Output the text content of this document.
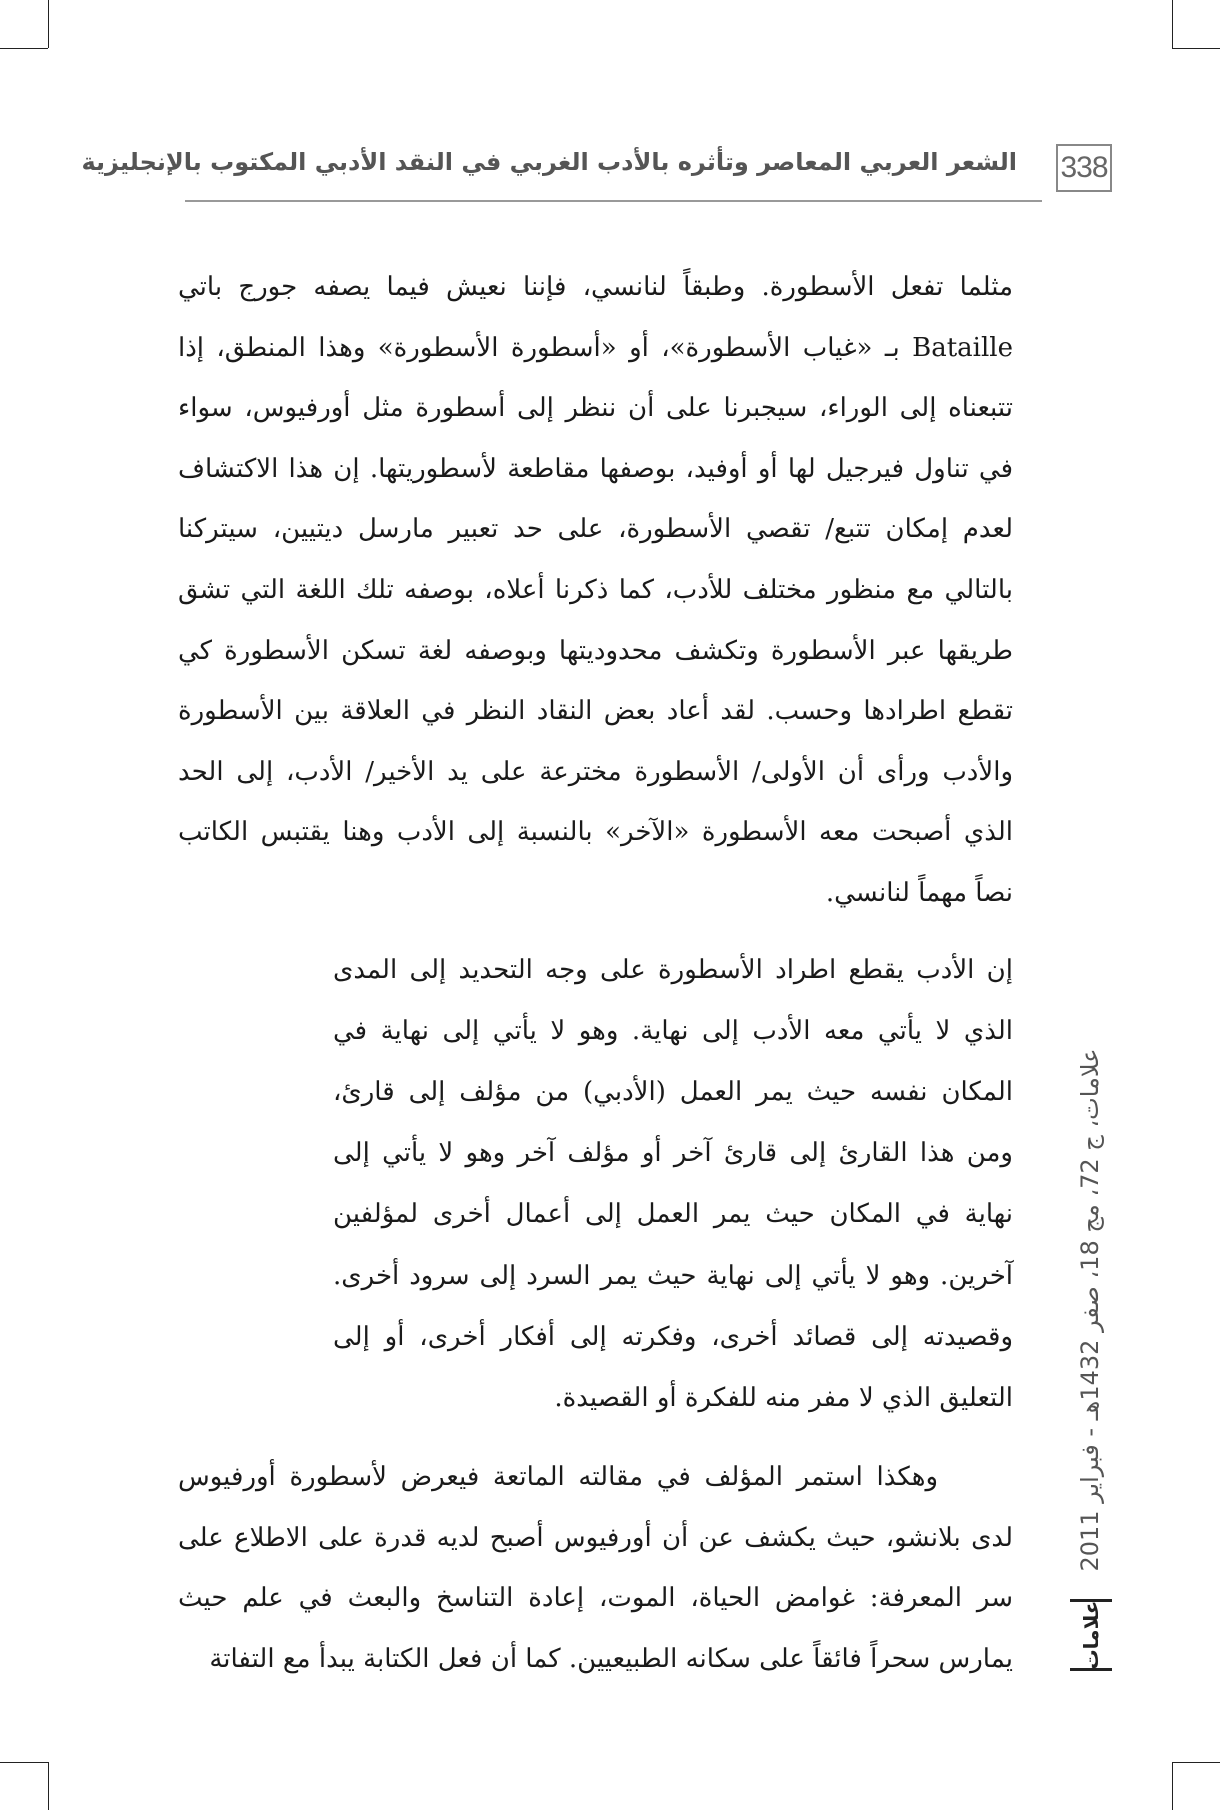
338
الشعر العربي المعاصر وتأثره بالأدب الغربي في النقد الأدبي المكتوب بالإنجليزية

مثلما تفعل الأسطورة. وطبقاً لنانسي، فإننا نعيش فيما يصفه جورج باتي Bataille بـ «غياب الأسطورة»، أو «أسطورة الأسطورة» وهذا المنطق، إذا تتبعناه إلى الوراء، سيجبرنا على أن ننظر إلى أسطورة مثل أورفيوس، سواء في تناول فيرجيل لها أو أوفيد، بوصفها مقاطعة لأسطوريتها. إن هذا الاكتشاف لعدم إمكان تتبع/ تقصي الأسطورة، على حد تعبير مارسل ديتيين، سيتركنا بالتالي مع منظور مختلف للأدب، كما ذكرنا أعلاه، بوصفه تلك اللغة التي تشق طريقها عبر الأسطورة وتكشف محدوديتها وبوصفه لغة تسكن الأسطورة كي تقطع اطرادها وحسب. لقد أعاد بعض النقاد النظر في العلاقة بين الأسطورة والأدب ورأى أن الأولى/ الأسطورة مخترعة على يد الأخير/ الأدب، إلى الحد الذي أصبحت معه الأسطورة «الآخر» بالنسبة إلى الأدب وهنا يقتبس الكاتب نصاً مهماً لنانسي.

إن الأدب يقطع اطراد الأسطورة على وجه التحديد إلى المدى الذي لا يأتي معه الأدب إلى نهاية. وهو لا يأتي إلى نهاية في المكان نفسه حيث يمر العمل (الأدبي) من مؤلف إلى قارئ، ومن هذا القارئ إلى قارئ آخر أو مؤلف آخر وهو لا يأتي إلى نهاية في المكان حيث يمر العمل إلى أعمال أخرى لمؤلفين آخرين. وهو لا يأتي إلى نهاية حيث يمر السرد إلى سرود أخرى. وقصيدته إلى قصائد أخرى، وفكرته إلى أفكار أخرى، أو إلى التعليق الذي لا مفر منه للفكرة أو القصيدة.

وهكذا استمر المؤلف في مقالته الماتعة فيعرض لأسطورة أورفيوس لدى بلانشو، حيث يكشف عن أن أورفيوس أصبح لديه قدرة على الاطلاع على سر المعرفة: غوامض الحياة، الموت، إعادة التناسخ والبعث في علم حيث يمارس سحراً فائقاً على سكانه الطبيعيين. كما أن فعل الكتابة يبدأ مع التفاتة

علامات، ج 72، مج 18، صفر 1432هـ - فبراير 2011
علامات
